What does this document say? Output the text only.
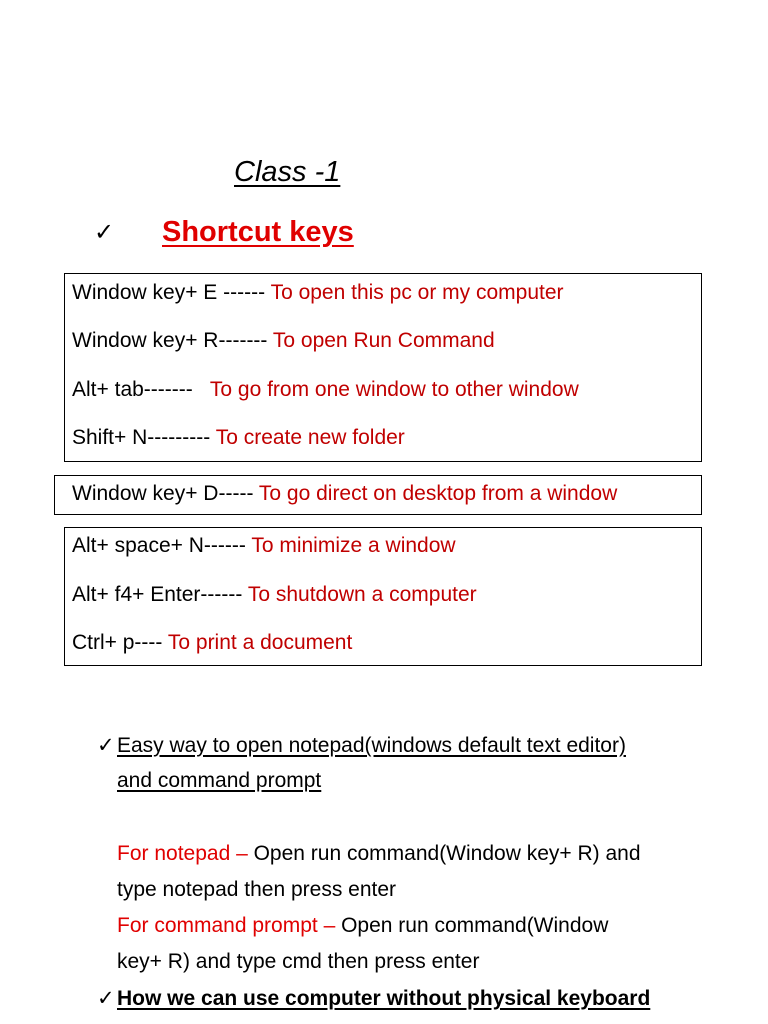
Class -1
✓ Shortcut keys
Window key+ E ------ To open this pc or my computer
Window key+ R------- To open Run Command
Alt+ tab-------   To go from one window to other window
Shift+ N--------- To create new folder
Window key+ D----- To go direct on desktop from a window
Alt+ space+ N------ To minimize a window
Alt+ f4+ Enter------ To shutdown a computer
Ctrl+ p---- To print a document
✓ Easy way to open notepad(windows default text editor)
and command prompt
For notepad – Open run command(Window key+ R) and
type notepad then press enter
For command prompt – Open run command(Window
key+ R) and type cmd then press enter
✓ How we can use computer without physical keyboard
